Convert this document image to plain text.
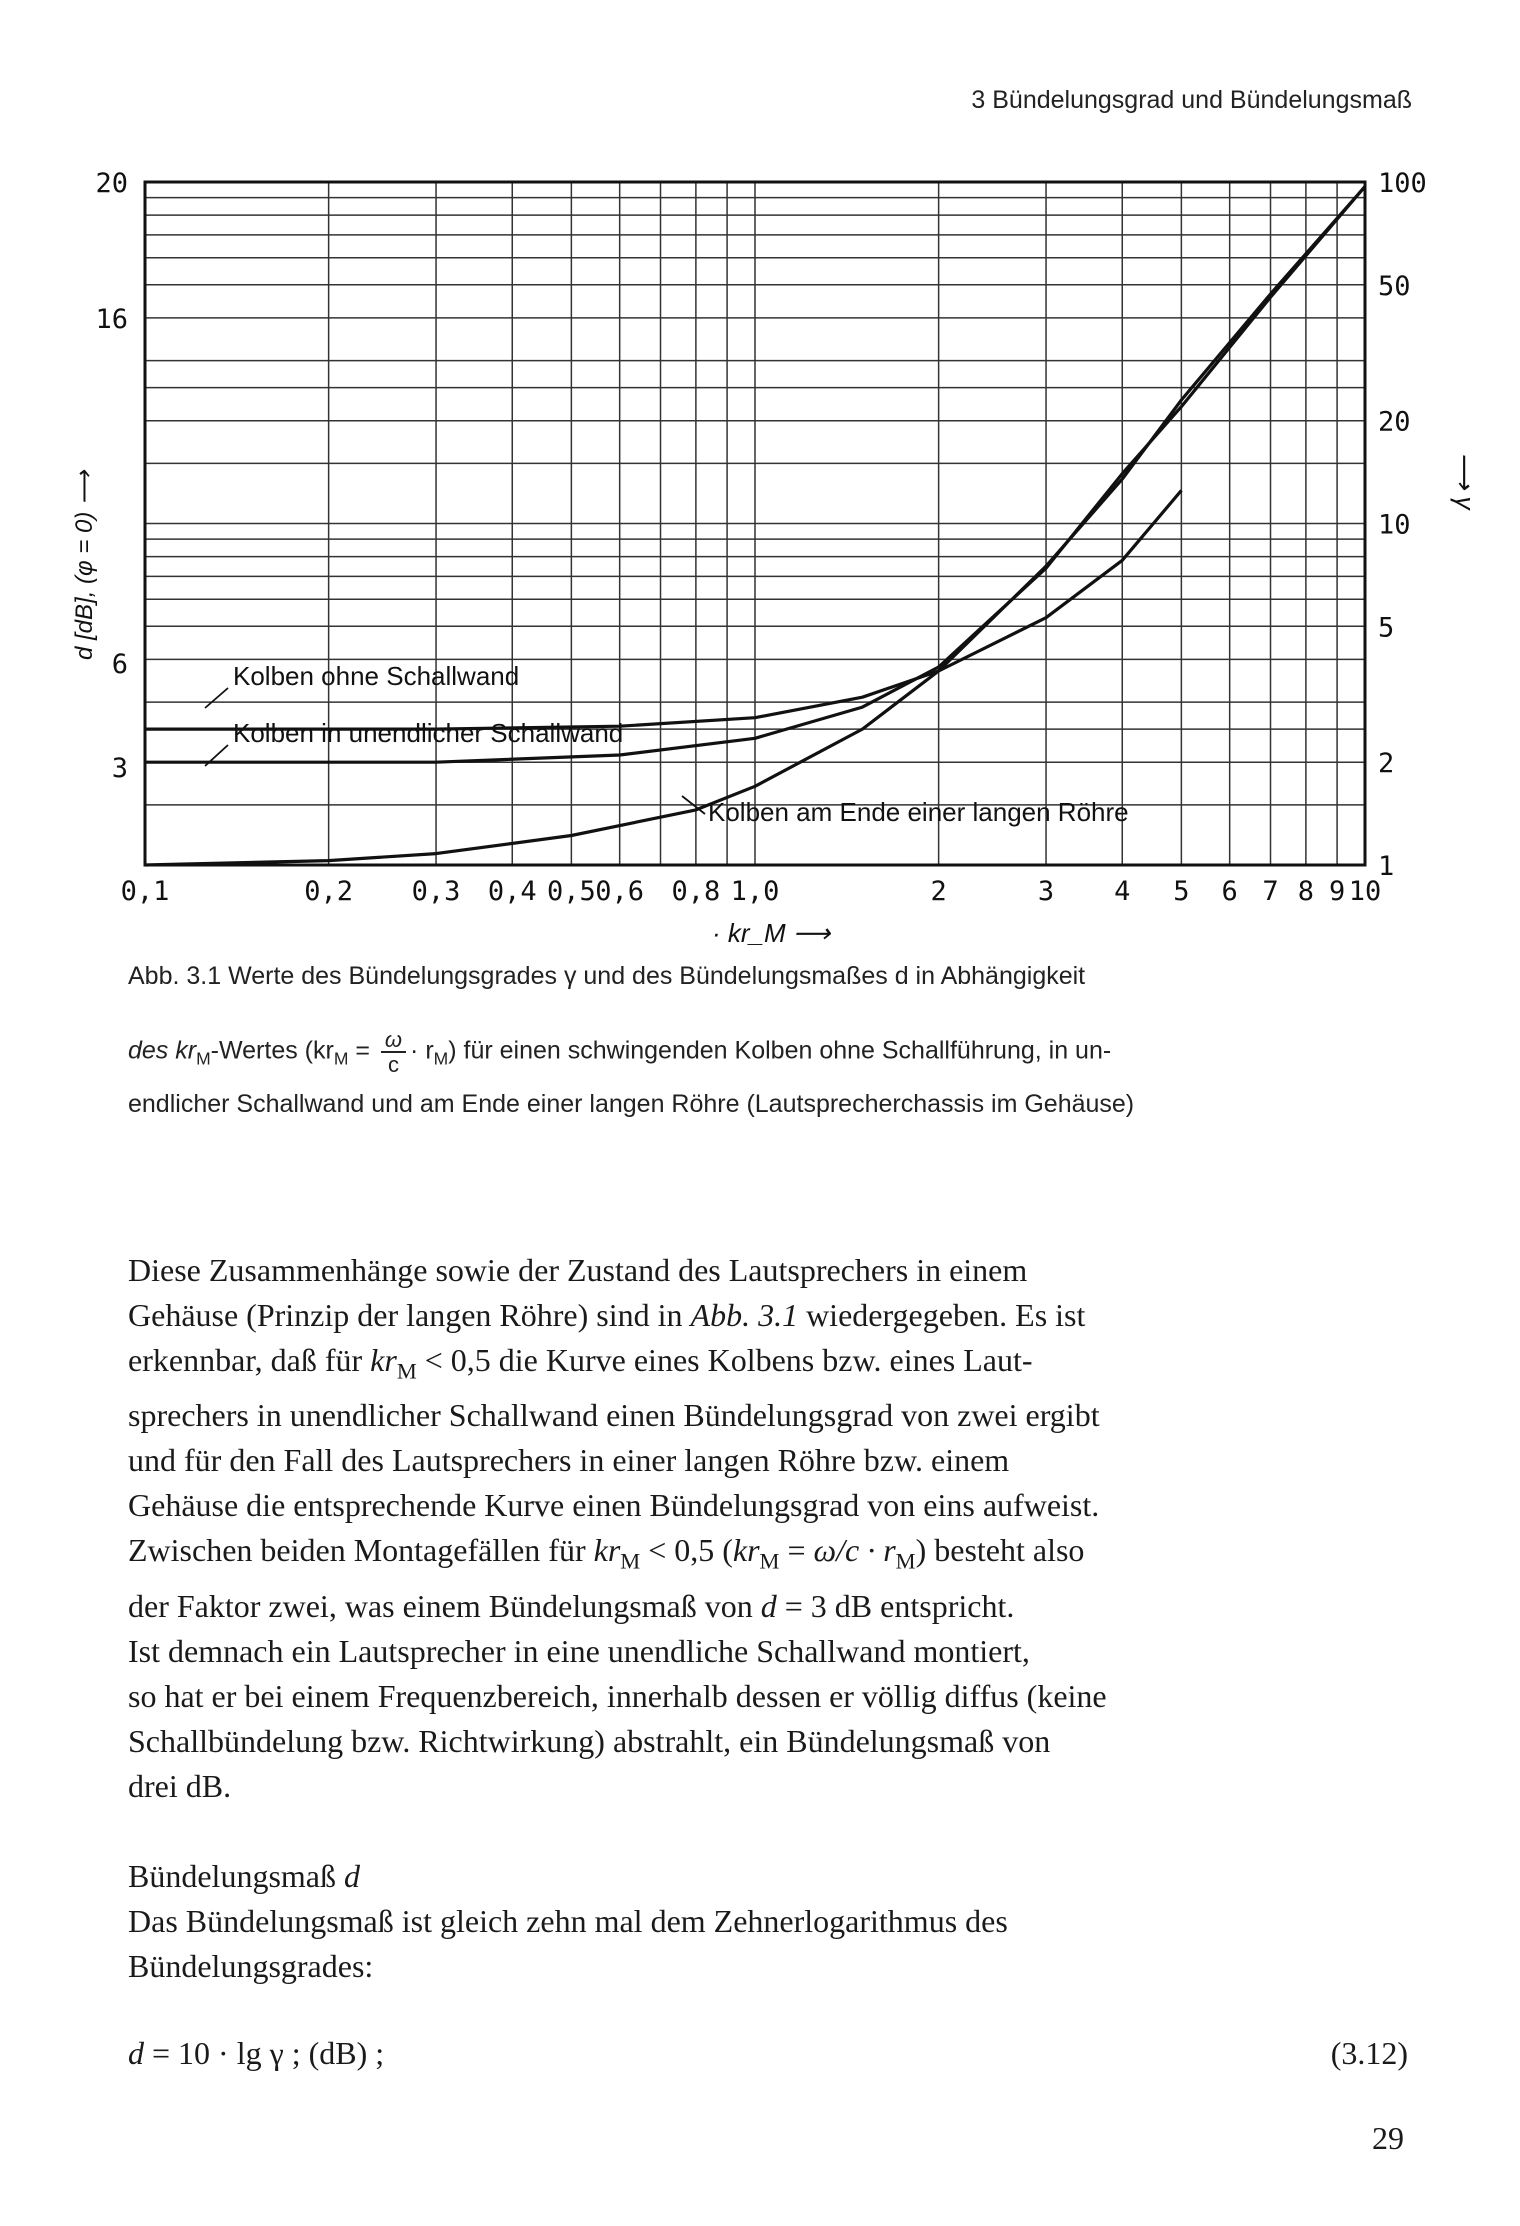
3 Bündelungsgrad und Bündelungsmaß
0,1	0,2 0,3 0,4 0,5 0,6 0,8 1,0	2	3 4 5 6 7 8 9 10
20
16
6
3
100
50
20
10
5
2
1
Kolben ohne Schallwand
Kolben in unendlicher Schallwand
Kolben am Ende einer langen Röhre
· kr_M ⟶
d [dB], (φ = 0) ⟶	⟶ γ
Abb. 3.1 Werte des Bündelungsgrades γ und des Bündelungsmaßes d in Abhängigkeit
des $kr_M$-Wertes $(kr_M = \frac{\omega}{c} \cdot r_M)$ für einen schwingenden Kolben ohne Schallführung, in un-
endlicher Schallwand und am Ende einer langen Röhre (Lautsprecherchassis im Gehäuse)

Diese Zusammenhänge sowie der Zustand des Lautsprechers in einem

Gehäuse (Prinzip der langen Röhre) sind in Abb. 3.1 wiedergegeben. Es ist

erkennbar, daß für $kr_M < 0,5$ die Kurve eines Kolbens bzw. eines Laut-

sprechers in unendlicher Schallwand einen Bündelungsgrad von zwei ergibt

und für den Fall des Lautsprechers in einer langen Röhre bzw. einem

Gehäuse die entsprechende Kurve einen Bündelungsgrad von eins aufweist.

Zwischen beiden Montagefällen für $kr_M < 0,5$ $(kr_M = \omega/c \cdot r_M)$ besteht also

der Faktor zwei, was einem Bündelungsmaß von d = 3 dB entspricht.

Ist demnach ein Lautsprecher in eine unendliche Schallwand montiert,

so hat er bei einem Frequenzbereich, innerhalb dessen er völlig diffus (keine

Schallbündelung bzw. Richtwirkung) abstrahlt, ein Bündelungsmaß von

drei dB.

Bündelungsmaß d

Das Bündelungsmaß ist gleich zehn mal dem Zehnerlogarithmus des

Bündelungsgrades:

d = 10 · lg γ ; (dB) ;	(3.12)
29
